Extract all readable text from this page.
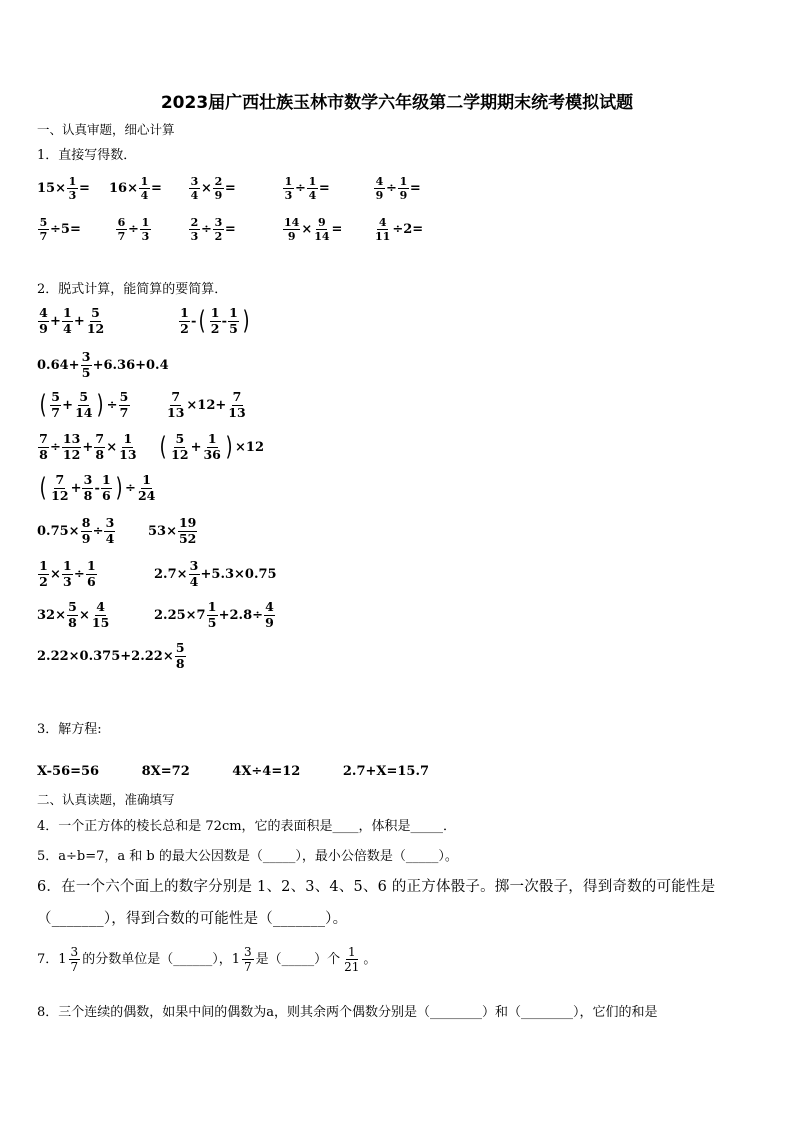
2023届广西壮族玉林市数学六年级第二学期期末统考模拟试题
一、认真审题，细心计算
1．直接写得数．
$15\times \frac{1}{3} = 16\times \frac{1}{4} = \frac{3}{4} \times \frac{2}{9}$ =	$\frac{1}{3} \div \frac{1}{4}$ =	$\frac{4}{9} \div \frac{1}{9}$ =
$\frac{5}{7} \div 5=$	$\frac{6}{7} \div \frac{1}{3}$	$\frac{2}{3} \div \frac{3}{2}$ =	$\frac{14}{9} \times \frac{9}{14}$ =	$\frac{4}{11} \div 2=$
2．脱式计算，能简算的要简算．
$\frac{4}{9} + \frac{1}{4} + \frac{5}{12}$	$\frac{1}{2}$ - ( $\frac{1}{2} - \frac{1}{5}$ )
$0.64+ \frac{3}{5} +6.36+0.4$
( $\frac{5}{7} + \frac{5}{14}$ ) ÷ $\frac{5}{7}$	$\frac{7}{13} \times 12+ \frac{7}{13}$
$\frac{7}{8} \div \frac{13}{12} + \frac{7}{8} \times \frac{1}{13}$ ( $\frac{5}{12} + \frac{1}{36}$ ) ×12
( $\frac{7}{12} + \frac{3}{8} - \frac{1}{6}$ ) ÷ $\frac{1}{24}$
$0.75\times \frac{8}{9} \div \frac{3}{4}$	$53\times \frac{19}{52}$
$\frac{1}{2} \times \frac{1}{3} \div \frac{1}{6}$	$2.7\times \frac{3}{4} +5.3\times 0.75$
$32\times \frac{5}{8} \times \frac{4}{15}$	$2.25\times 7 \frac{1}{5} +2.8\div \frac{4}{9}$
$2.22\times 0.375+2.22\times \frac{5}{8}$
3．解方程:
X-56=56	8X=72	4X÷4=12	2.7+X=15.7
二、认真读题，准确填写
4．一个正方体的棱长总和是 72cm，它的表面积是____，体积是_____．
5．a÷b=7，a 和 b 的最大公因数是（_____），最小公倍数是（_____）。
6．在一个六个面上的数字分别是 1、2、3、4、5、6 的正方体骰子。掷一次骰子，得到奇数的可能性是
（_______），得到合数的可能性是（_______）。
7．$1 \frac{3}{7}$ 的分数单位是（______），$1 \frac{3}{7}$ 是（_____）个 $\frac{1}{21}$ 。
8．三个连续的偶数，如果中间的偶数为a，则其余两个偶数分别是（________）和（________），它们的和是
